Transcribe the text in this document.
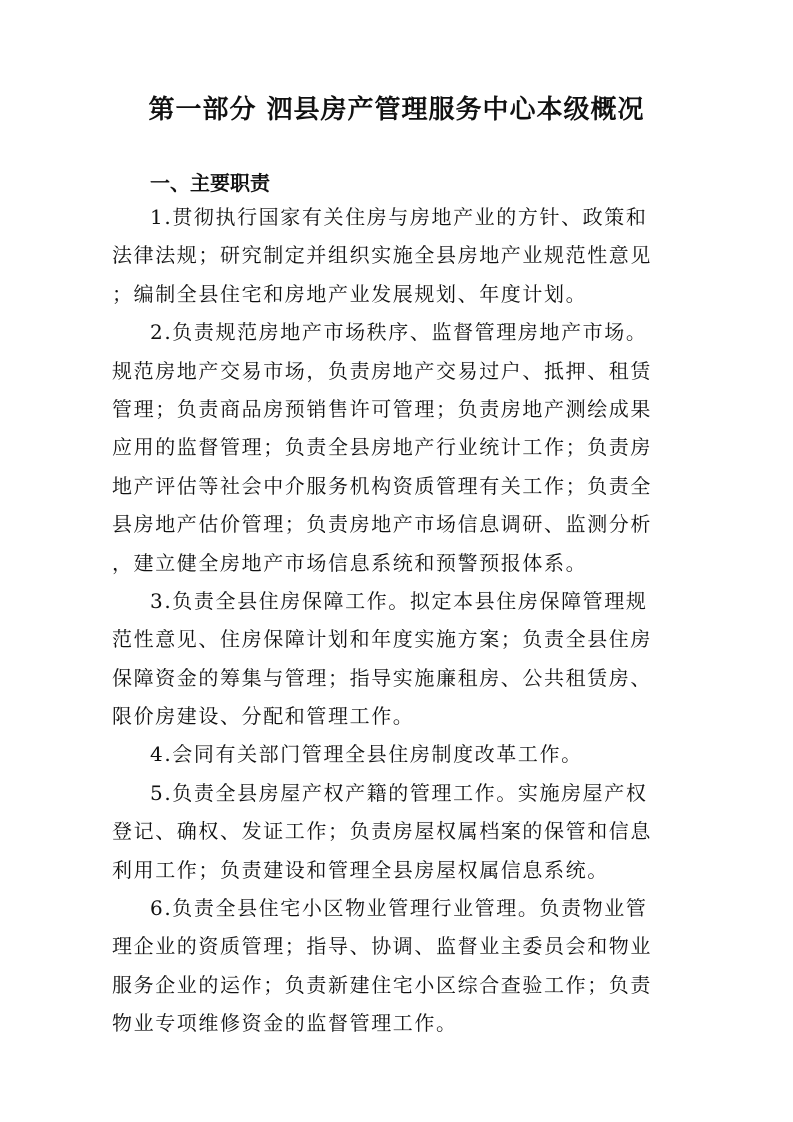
第一部分 泗县房产管理服务中心本级概况
一、主要职责
1.贯彻执行国家有关住房与房地产业的方针、政策和
法律法规；研究制定并组织实施全县房地产业规范性意见
；编制全县住宅和房地产业发展规划、年度计划。
2.负责规范房地产市场秩序、监督管理房地产市场。
规范房地产交易市场，负责房地产交易过户、抵押、租赁
管理；负责商品房预销售许可管理；负责房地产测绘成果
应用的监督管理；负责全县房地产行业统计工作；负责房
地产评估等社会中介服务机构资质管理有关工作；负责全
县房地产估价管理；负责房地产市场信息调研、监测分析
，建立健全房地产市场信息系统和预警预报体系。
3.负责全县住房保障工作。拟定本县住房保障管理规
范性意见、住房保障计划和年度实施方案；负责全县住房
保障资金的筹集与管理；指导实施廉租房、公共租赁房、
限价房建设、分配和管理工作。
4.会同有关部门管理全县住房制度改革工作。
5.负责全县房屋产权产籍的管理工作。实施房屋产权
登记、确权、发证工作；负责房屋权属档案的保管和信息
利用工作；负责建设和管理全县房屋权属信息系统。
6.负责全县住宅小区物业管理行业管理。负责物业管
理企业的资质管理；指导、协调、监督业主委员会和物业
服务企业的运作；负责新建住宅小区综合查验工作；负责
物业专项维修资金的监督管理工作。
